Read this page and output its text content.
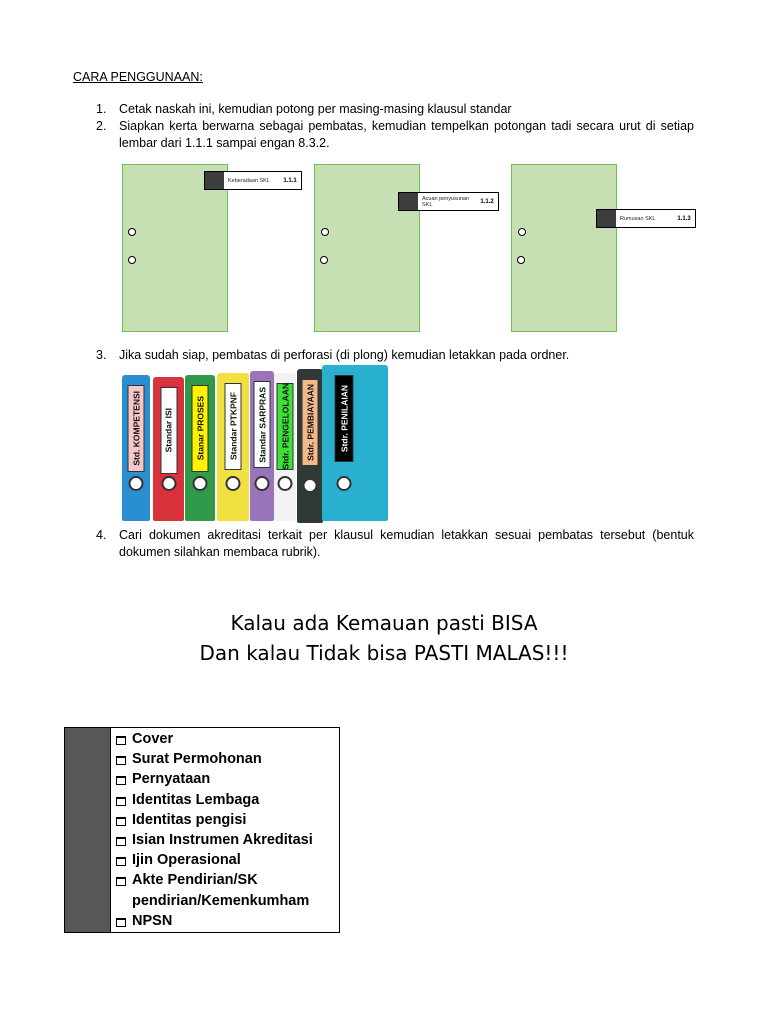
CARA PENGGUNAAN:
1.	Cetak naskah ini, kemudian potong per masing-masing klausul standar
2.	Siapkan kerta berwarna sebagai pembatas, kemudian tempelkan potongan tadi secara urut di setiap lembar dari 1.1.1 sampai engan 8.3.2.
Keberadaan SKL	1.1.1
Acuan penyusunan SKL	1.1.2
Rumusan SKL	1.1.3
3.	Jika sudah siap, pembatas di perforasi (di plong) kemudian letakkan pada ordner.
Std. KOMPETENSI	Standar ISI	Stanar PROSES	Standar PTKPNF Standar SARPRAS Stdr. PENGELOLAAN Stdr. PEMBIAYAAN	Stdr. PENILAIAN
4.	Cari dokumen akreditasi terkait per klausul kemudian letakkan sesuai pembatas tersebut (bentuk dokumen silahkan membaca rubrik).
Kalau ada Kemauan pasti BISA
Dan kalau Tidak bisa PASTI MALAS!!!
Cover
Surat Permohonan
Pernyataan
Identitas Lembaga
Identitas pengisi
Isian Instrumen Akreditasi
Ijin Operasional
Akte Pendirian/SK pendirian/Kemenkumham
NPSN
